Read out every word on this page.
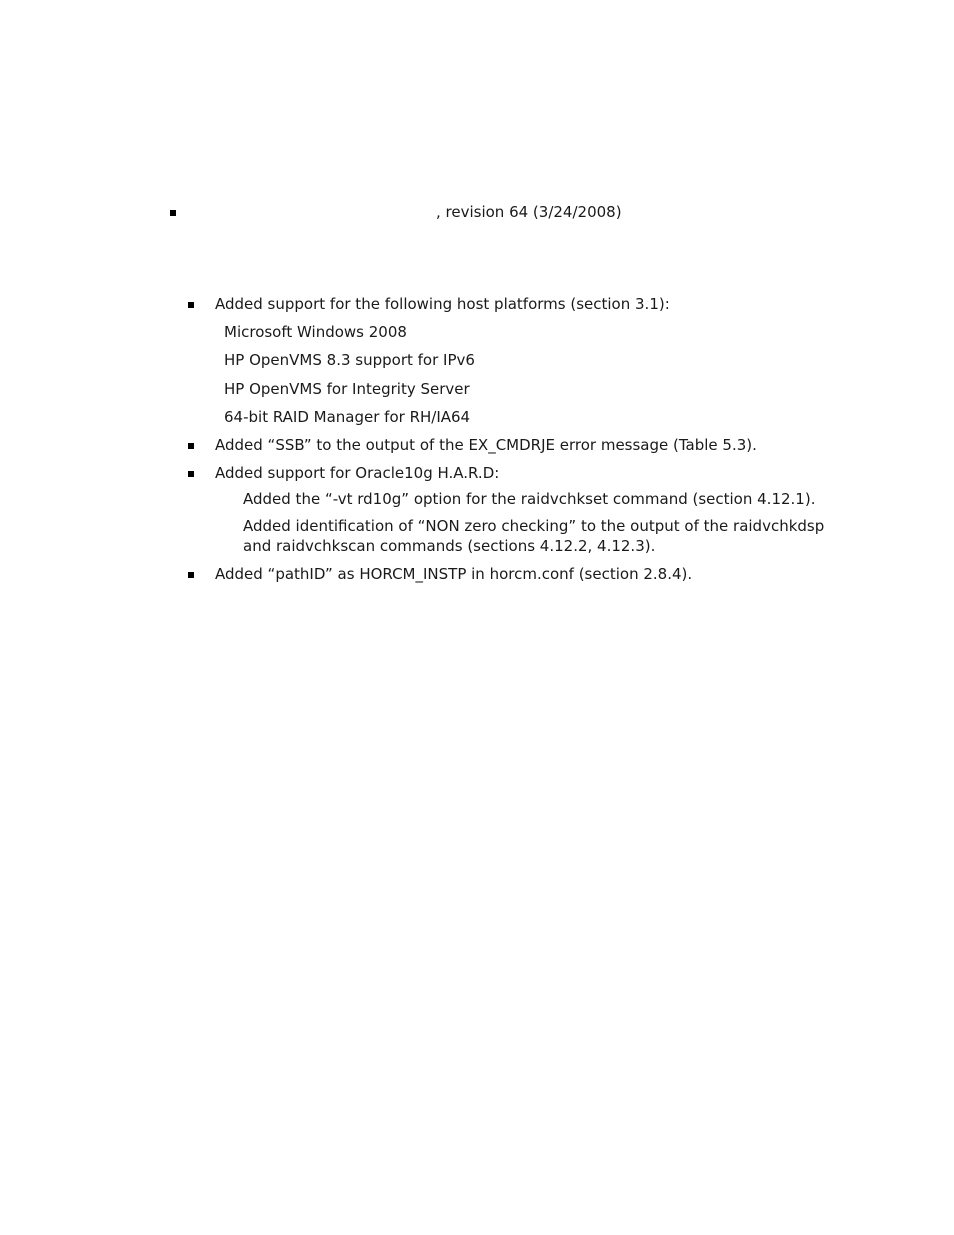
, revision 64 (3/24/2008)
Added support for the following host platforms (section 3.1):
Microsoft Windows 2008
HP OpenVMS 8.3 support for IPv6
HP OpenVMS for Integrity Server
64-bit RAID Manager for RH/IA64
Added “SSB” to the output of the EX_CMDRJE error message (Table 5.3).
Added support for Oracle10g H.A.R.D:
Added the “-vt rd10g” option for the raidvchkset command (section 4.12.1).
Added identification of “NON zero checking” to the output of the raidvchkdsp and raidvchkscan commands (sections 4.12.2, 4.12.3).
Added “pathID” as HORCM_INSTP in horcm.conf (section 2.8.4).
